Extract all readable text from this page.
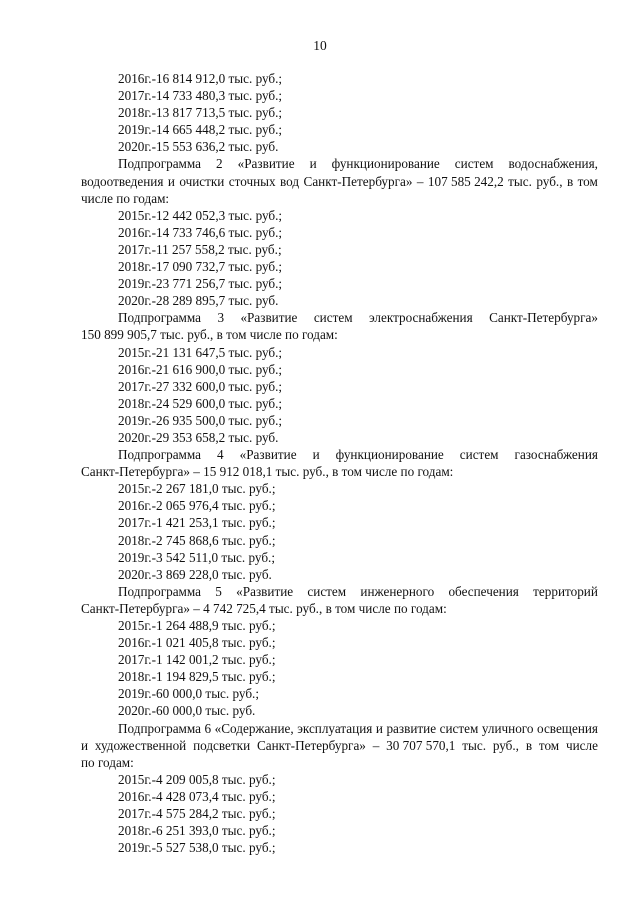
10
2016г.-16 814 912,0 тыс. руб.;
2017г.-14 733 480,3 тыс. руб.;
2018г.-13 817 713,5 тыс. руб.;
2019г.-14 665 448,2 тыс. руб.;
2020г.-15 553 636,2 тыс. руб.
Подпрограмма 2 «Развитие и функционирование систем водоснабжения,
водоотведения и очистки сточных вод Санкт-Петербурга» – 107 585 242,2 тыс. руб., в том
числе по годам:
2015г.-12 442 052,3 тыс. руб.;
2016г.-14 733 746,6 тыс. руб.;
2017г.-11 257 558,2 тыс. руб.;
2018г.-17 090 732,7 тыс. руб.;
2019г.-23 771 256,7 тыс. руб.;
2020г.-28 289 895,7 тыс. руб.
Подпрограмма 3 «Развитие систем электроснабжения Санкт-Петербурга»
150 899 905,7 тыс. руб., в том числе по годам:
2015г.-21 131 647,5 тыс. руб.;
2016г.-21 616 900,0 тыс. руб.;
2017г.-27 332 600,0 тыс. руб.;
2018г.-24 529 600,0 тыс. руб.;
2019г.-26 935 500,0 тыс. руб.;
2020г.-29 353 658,2 тыс. руб.
Подпрограмма 4 «Развитие и функционирование систем газоснабжения
Санкт-Петербурга» – 15 912 018,1 тыс. руб., в том числе по годам:
2015г.-2 267 181,0 тыс. руб.;
2016г.-2 065 976,4 тыс. руб.;
2017г.-1 421 253,1 тыс. руб.;
2018г.-2 745 868,6 тыс. руб.;
2019г.-3 542 511,0 тыс. руб.;
2020г.-3 869 228,0 тыс. руб.
Подпрограмма 5 «Развитие систем инженерного обеспечения территорий
Санкт-Петербурга» – 4 742 725,4 тыс. руб., в том числе по годам:
2015г.-1 264 488,9 тыс. руб.;
2016г.-1 021 405,8 тыс. руб.;
2017г.-1 142 001,2 тыс. руб.;
2018г.-1 194 829,5 тыс. руб.;
2019г.-60 000,0 тыс. руб.;
2020г.-60 000,0 тыс. руб.
Подпрограмма 6 «Содержание, эксплуатация и развитие систем уличного освещения
и художественной подсветки Санкт-Петербурга» – 30 707 570,1 тыс. руб., в том числе
по годам:
2015г.-4 209 005,8 тыс. руб.;
2016г.-4 428 073,4 тыс. руб.;
2017г.-4 575 284,2 тыс. руб.;
2018г.-6 251 393,0 тыс. руб.;
2019г.-5 527 538,0 тыс. руб.;
